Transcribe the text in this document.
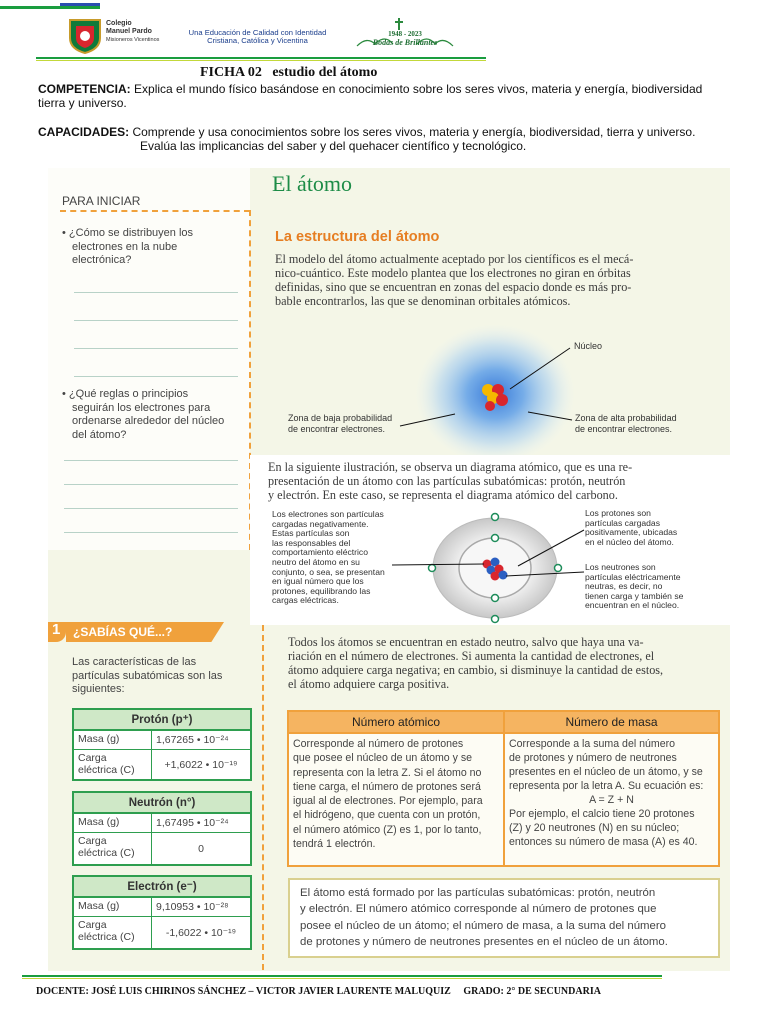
Colegio
Manuel Pardo
Misioneros Vicentinos
Una Educación de Calidad con Identidad
Cristiana, Católica y Vicentina
1948 - 2023
Bodas de Brillantes
FICHA 02 estudio del átomo
COMPETENCIA: Explica el mundo físico basándose en conocimiento sobre los seres vivos, materia y energía, biodiversidad
tierra y universo.
CAPACIDADES: Comprende y usa conocimientos sobre los seres vivos, materia y energía, biodiversidad, tierra y universo.
Evalúa las implicancias del saber y del quehacer científico y tecnológico.
PARA INICIAR
• ¿Cómo se distribuyen los
electrones en la nube
electrónica?
• ¿Qué reglas o principios
seguirán los electrones para
ordenarse alrededor del núcleo
del átomo?
El átomo
La estructura del átomo
El modelo del átomo actualmente aceptado por los científicos es el mecá-
nico-cuántico. Este modelo plantea que los electrones no giran en órbitas
definidas, sino que se encuentran en zonas del espacio donde es más pro-
bable encontrarlos, las que se denominan orbitales atómicos.
Núcleo
Zona de baja probabilidad
de encontrar electrones.
Zona de alta probabilidad
de encontrar electrones.
En la siguiente ilustración, se observa un diagrama atómico, que es una re-
presentación de un átomo con las partículas subatómicas: protón, neutrón
y electrón. En este caso, se representa el diagrama atómico del carbono.
Los electrones son partículas
cargadas negativamente.
Estas partículas son
las responsables del
comportamiento eléctrico
neutro del átomo en su
conjunto, o sea, se presentan
en igual número que los
protones, equilibrando las
cargas eléctricas.
Los protones son
partículas cargadas
positivamente, ubicadas
en el núcleo del átomo.
Los neutrones son
partículas eléctricamente
neutras, es decir, no
tienen carga y también se
encuentran en el núcleo.
1 ¿SABÍAS QUÉ...?
Las características de las
partículas subatómicas son las
siguientes:
Protón (p⁺)
Masa (g)	1,67265 • 10⁻²⁴
Carga eléctrica (C)	+1,6022 • 10⁻¹⁹
Neutrón (n°)
Masa (g)	1,67495 • 10⁻²⁴
Carga eléctrica (C)	0
Electrón (e⁻)
Masa (g)	9,10953 • 10⁻²⁸
Carga eléctrica (C)	-1,6022 • 10⁻¹⁹
Todos los átomos se encuentran en estado neutro, salvo que haya una va-
riación en el número de electrones. Si aumenta la cantidad de electrones, el
átomo adquiere carga negativa; en cambio, si disminuye la cantidad de estos,
el átomo adquiere carga positiva.
Número atómico	Número de masa
Corresponde al número de protones
que posee el núcleo de un átomo y se
representa con la letra Z. Si el átomo no
tiene carga, el número de protones será
igual al de electrones. Por ejemplo, para
el hidrógeno, que cuenta con un protón,
el número atómico (Z) es 1, por lo tanto,
tendrá 1 electrón.
Corresponde a la suma del número
de protones y número de neutrones
presentes en el núcleo de un átomo, y se
representa por la letra A. Su ecuación es:
A = Z + N
Por ejemplo, el calcio tiene 20 protones
(Z) y 20 neutrones (N) en su núcleo;
entonces su número de masa (A) es 40.
El átomo está formado por las partículas subatómicas: protón, neutrón
y electrón. El número atómico corresponde al número de protones que
posee el núcleo de un átomo; el número de masa, a la suma del número
de protones y número de neutrones presentes en el núcleo de un átomo.
DOCENTE: JOSÉ LUIS CHIRINOS SÁNCHEZ – VICTOR JAVIER LAURENTE MALUQUIZ GRADO: 2° DE SECUNDARIA
